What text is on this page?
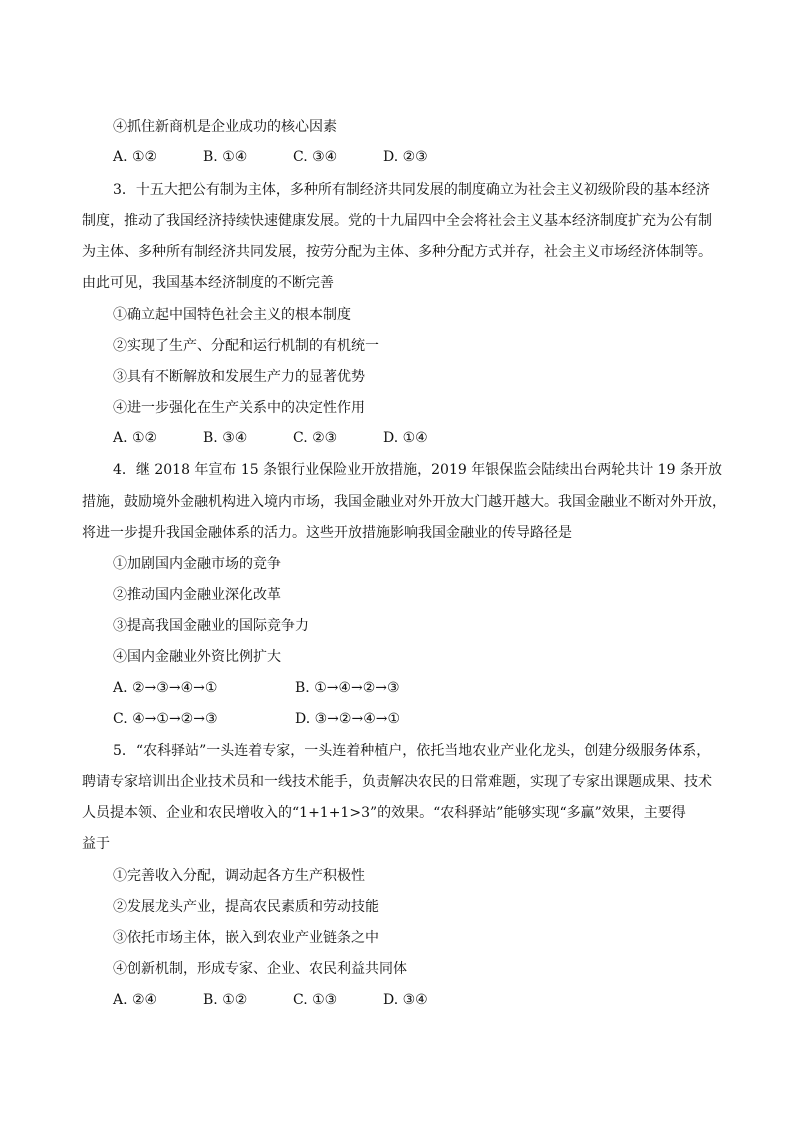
④抓住新商机是企业成功的核心因素
A. ①②	B. ①④	C. ③④	D. ②③
3．十五大把公有制为主体，多种所有制经济共同发展的制度确立为社会主义初级阶段的基本经济
制度，推动了我国经济持续快速健康发展。党的十九届四中全会将社会主义基本经济制度扩充为公有制
为主体、多种所有制经济共同发展，按劳分配为主体、多种分配方式并存，社会主义市场经济体制等。
由此可见，我国基本经济制度的不断完善
①确立起中国特色社会主义的根本制度
②实现了生产、分配和运行机制的有机统一
③具有不断解放和发展生产力的显著优势
④进一步强化在生产关系中的决定性作用
A. ①②	B. ③④	C. ②③	D. ①④
4．继 2018 年宣布 15 条银行业保险业开放措施，2019 年银保监会陆续出台两轮共计 19 条开放
措施，鼓励境外金融机构进入境内市场，我国金融业对外开放大门越开越大。我国金融业不断对外开放，
将进一步提升我国金融体系的活力。这些开放措施影响我国金融业的传导路径是
①加剧国内金融市场的竞争
②推动国内金融业深化改革
③提高我国金融业的国际竞争力
④国内金融业外资比例扩大
A. ②→③→④→①	B. ①→④→②→③
C. ④→①→②→③	D. ③→②→④→①
5．“农科驿站”一头连着专家，一头连着种植户，依托当地农业产业化龙头，创建分级服务体系，
聘请专家培训出企业技术员和一线技术能手，负责解决农民的日常难题，实现了专家出课题成果、技术
人员提本领、企业和农民增收入的“1+1+1>3”的效果。“农科驿站”能够实现“多赢”效果，主要得
益于
①完善收入分配，调动起各方生产积极性
②发展龙头产业，提高农民素质和劳动技能
③依托市场主体，嵌入到农业产业链条之中
④创新机制，形成专家、企业、农民利益共同体
A. ②④	B. ①②	C. ①③	D. ③④
